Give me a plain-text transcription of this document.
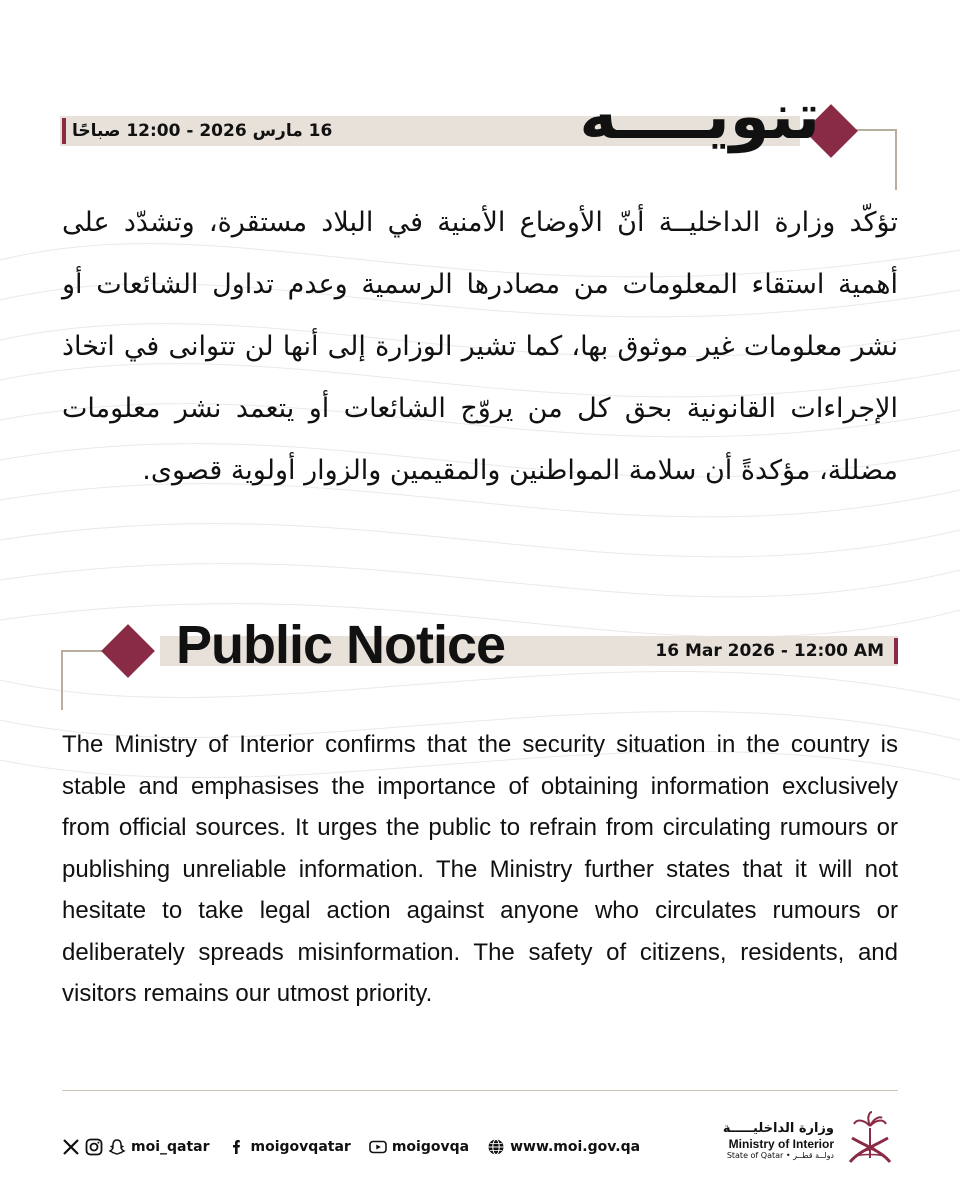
16 مارس 2026 - 12:00 صباحًا	تنويــــه
تؤكّد وزارة الداخليــة أنّ الأوضاع الأمنية في البلاد مستقرة، وتشدّد على أهمية استقاء المعلومات من مصادرها الرسمية وعدم تداول الشائعات أو نشر معلومات غير موثوق بها، كما تشير الوزارة إلى أنها لن تتوانى في اتخاذ الإجراءات القانونية بحق كل من يروّج الشائعات أو يتعمد نشر معلومات مضللة، مؤكدةً أن سلامة المواطنين والمقيمين والزوار أولوية قصوى.
Public Notice	16 Mar 2026 - 12:00 AM
The Ministry of Interior confirms that the security situation in the country is stable and emphasises the importance of obtaining information exclusively from official sources. It urges the public to refrain from circulating rumours or publishing unreliable information. The Ministry further states that it will not hesitate to take legal action against anyone who circulates rumours or deliberately spreads misinformation. The safety of citizens, residents, and visitors remains our utmost priority.
moi_qatar	moigovqatar	moigovqa	www.moi.gov.qa
وزارة الداخليـــــة
Ministry of Interior
State of Qatar • دولــة قطــر
